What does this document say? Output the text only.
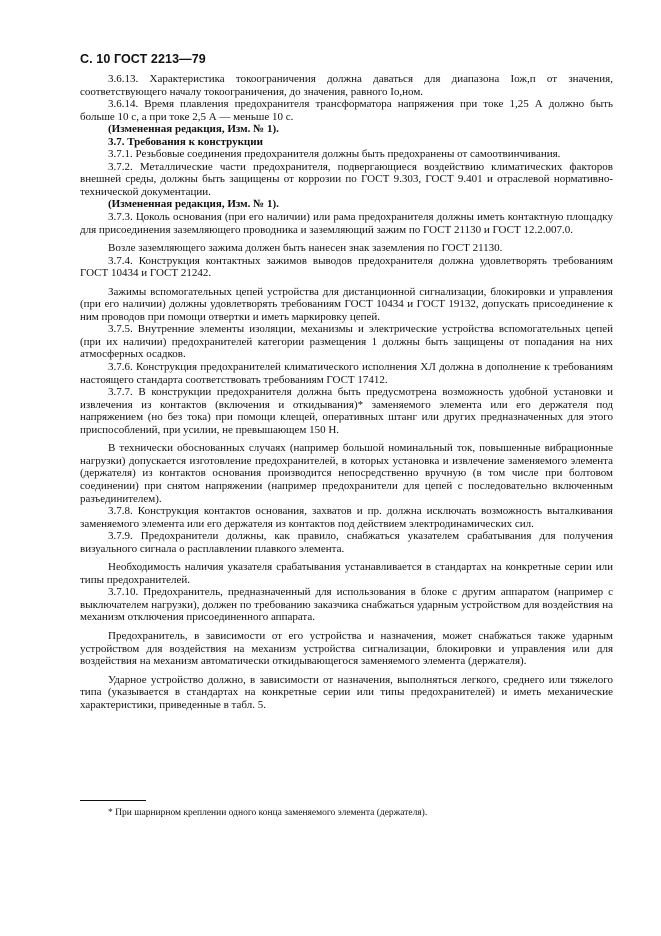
С. 10 ГОСТ 2213—79

3.6.13. Характеристика токоограничения должна даваться для диапазона Iож,п от значения, соответствующего началу токоограничения, до значения, равного Iо,ном.

3.6.14. Время плавления предохранителя трансформатора напряжения при токе 1,25 А должно быть больше 10 с, а при токе 2,5 А — меньше 10 с.

(Измененная редакция, Изм. № 1).

3.7. Требования к конструкции

3.7.1. Резьбовые соединения предохранителя должны быть предохранены от самоотвинчивания.

3.7.2. Металлические части предохранителя, подвергающиеся воздействию климатических факторов внешней среды, должны быть защищены от коррозии по ГОСТ 9.303, ГОСТ 9.401 и отраслевой нормативно-технической документации.

(Измененная редакция, Изм. № 1).

3.7.3. Цоколь основания (при его наличии) или рама предохранителя должны иметь контактную площадку для присоединения заземляющего проводника и заземляющий зажим по ГОСТ 21130 и ГОСТ 12.2.007.0.

Возле заземляющего зажима должен быть нанесен знак заземления по ГОСТ 21130.

3.7.4. Конструкция контактных зажимов выводов предохранителя должна удовлетворять требованиям ГОСТ 10434 и ГОСТ 21242.

Зажимы вспомогательных цепей устройства для дистанционной сигнализации, блокировки и управления (при его наличии) должны удовлетворять требованиям ГОСТ 10434 и ГОСТ 19132, допускать присоединение к ним проводов при помощи отвертки и иметь маркировку цепей.

3.7.5. Внутренние элементы изоляции, механизмы и электрические устройства вспомогательных цепей (при их наличии) предохранителей категории размещения 1 должны быть защищены от попадания на них атмосферных осадков.

3.7.6. Конструкция предохранителей климатического исполнения ХЛ должна в дополнение к требованиям настоящего стандарта соответствовать требованиям ГОСТ 17412.

3.7.7. В конструкции предохранителя должна быть предусмотрена возможность удобной установки и извлечения из контактов (включения и откидывания)* заменяемого элемента или его держателя под напряжением (но без тока) при помощи клещей, оперативных штанг или других предназначенных для этого приспособлений, при усилии, не превышающем 150 Н.

В технически обоснованных случаях (например большой номинальный ток, повышенные вибрационные нагрузки) допускается изготовление предохранителей, в которых установка и извлечение заменяемого элемента (держателя) из контактов основания производится непосредственно вручную (в том числе при болтовом соединении) при снятом напряжении (например предохранители для цепей с последовательно включенным разъединителем).

3.7.8. Конструкция контактов основания, захватов и пр. должна исключать возможность выталкивания заменяемого элемента или его держателя из контактов под действием электродинамических сил.

3.7.9. Предохранители должны, как правило, снабжаться указателем срабатывания для получения визуального сигнала о расплавлении плавкого элемента.

Необходимость наличия указателя срабатывания устанавливается в стандартах на конкретные серии или типы предохранителей.

3.7.10. Предохранитель, предназначенный для использования в блоке с другим аппаратом (например с выключателем нагрузки), должен по требованию заказчика снабжаться ударным устройством для воздействия на механизм отключения присоединенного аппарата.

Предохранитель, в зависимости от его устройства и назначения, может снабжаться также ударным устройством для воздействия на механизм устройства сигнализации, блокировки и управления или для воздействия на механизм автоматически откидывающегося заменяемого элемента (держателя).

Ударное устройство должно, в зависимости от назначения, выполняться легкого, среднего или тяжелого типа (указывается в стандартах на конкретные серии или типы предохранителей) и иметь механические характеристики, приведенные в табл. 5.

* При шарнирном креплении одного конца заменяемого элемента (держателя).
